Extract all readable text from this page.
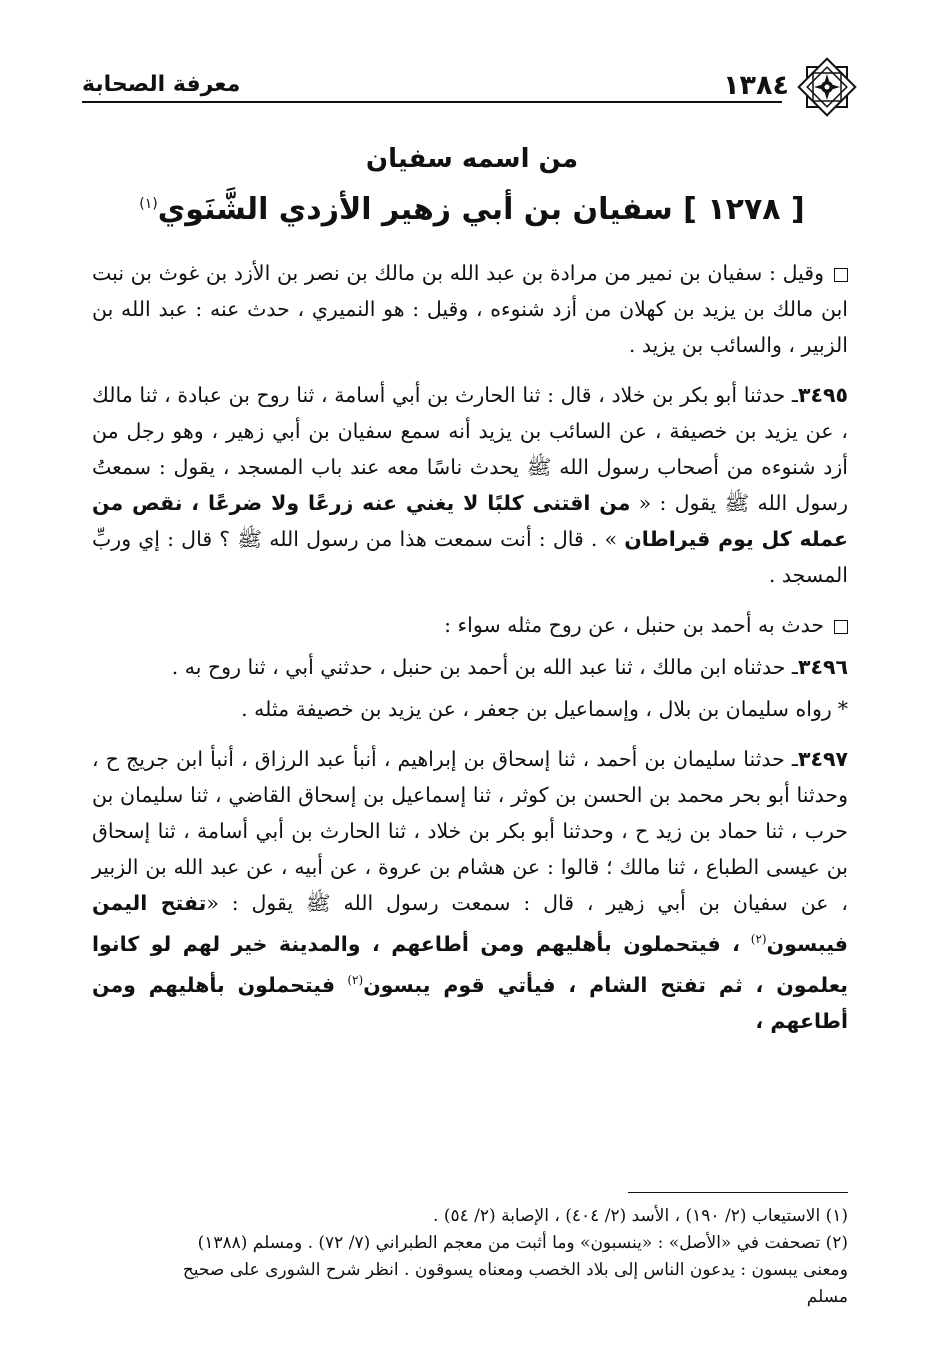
١٣٨٤
معرفة الصحابة
من اسمه سفيان
[ ١٢٧٨ ] سفيان بن أبي زهير الأزدي الشَّنَوي$^{(١)}$

وقيل : سفيان بن نمير من مرادة بن عبد الله بن مالك بن نصر بن الأزد بن غوث بن نبت ابن مالك بن يزيد بن كهلان من أزد شنوءه ، وقيل : هو النميري ، حدث عنه : عبد الله بن الزبير ، والسائب بن يزيد .

٣٤٩٥ـ حدثنا أبو بكر بن خلاد ، قال : ثنا الحارث بن أبي أسامة ، ثنا روح بن عبادة ، ثنا مالك ، عن يزيد بن خصيفة ، عن السائب بن يزيد أنه سمع سفيان بن أبي زهير ، وهو رجل من أزد شنوءه من أصحاب رسول الله ﷺ يحدث ناسًا معه عند باب المسجد ، يقول : سمعتُ رسول الله ﷺ يقول : « من اقتنى كلبًا لا يغني عنه زرعًا ولا ضرعًا ، نقص من عمله كل يوم قيراطان » . قال : أنت سمعت هذا من رسول الله ﷺ ؟ قال : إي وربِّ المسجد .

حدث به أحمد بن حنبل ، عن روح مثله سواء :

٣٤٩٦ـ حدثناه ابن مالك ، ثنا عبد الله بن أحمد بن حنبل ، حدثني أبي ، ثنا روح به .

*رواه سليمان بن بلال ، وإسماعيل بن جعفر ، عن يزيد بن خصيفة مثله .

٣٤٩٧ـ حدثنا سليمان بن أحمد ، ثنا إسحاق بن إبراهيم ، أنبأ عبد الرزاق ، أنبأ ابن جريج ح ، وحدثنا أبو بحر محمد بن الحسن بن كوثر ، ثنا إسماعيل بن إسحاق القاضي ، ثنا سليمان بن حرب ، ثنا حماد بن زيد ح ، وحدثنا أبو بكر بن خلاد ، ثنا الحارث بن أبي أسامة ، ثنا إسحاق بن عيسى الطباع ، ثنا مالك ؛ قالوا : عن هشام بن عروة ، عن أبيه ، عن عبد الله بن الزبير ، عن سفيان بن أبي زهير ، قال : سمعت رسول الله ﷺ يقول : «تفتح اليمن فيبسون$^{(٢)}$ ، فيتحملون بأهليهم ومن أطاعهم ، والمدينة خير لهم لو كانوا يعلمون ، ثم تفتح الشام ، فيأتي قوم يبسون$^{(٢)}$ فيتحملون بأهليهم ومن أطاعهم ،

(١) الاستيعاب (٢/ ١٩٠) ، الأسد (٢/ ٤٠٤) ، الإصابة (٢/ ٥٤) .
(٢) تصحفت في «الأصل» : «ينسبون» وما أثبت من معجم الطبراني (٧/ ٧٢) . ومسلم (١٣٨٨)
ومعنى يبسون : يدعون الناس إلى بلاد الخصب ومعناه يسوقون . انظر شرح الشورى على صحيح
مسلم
